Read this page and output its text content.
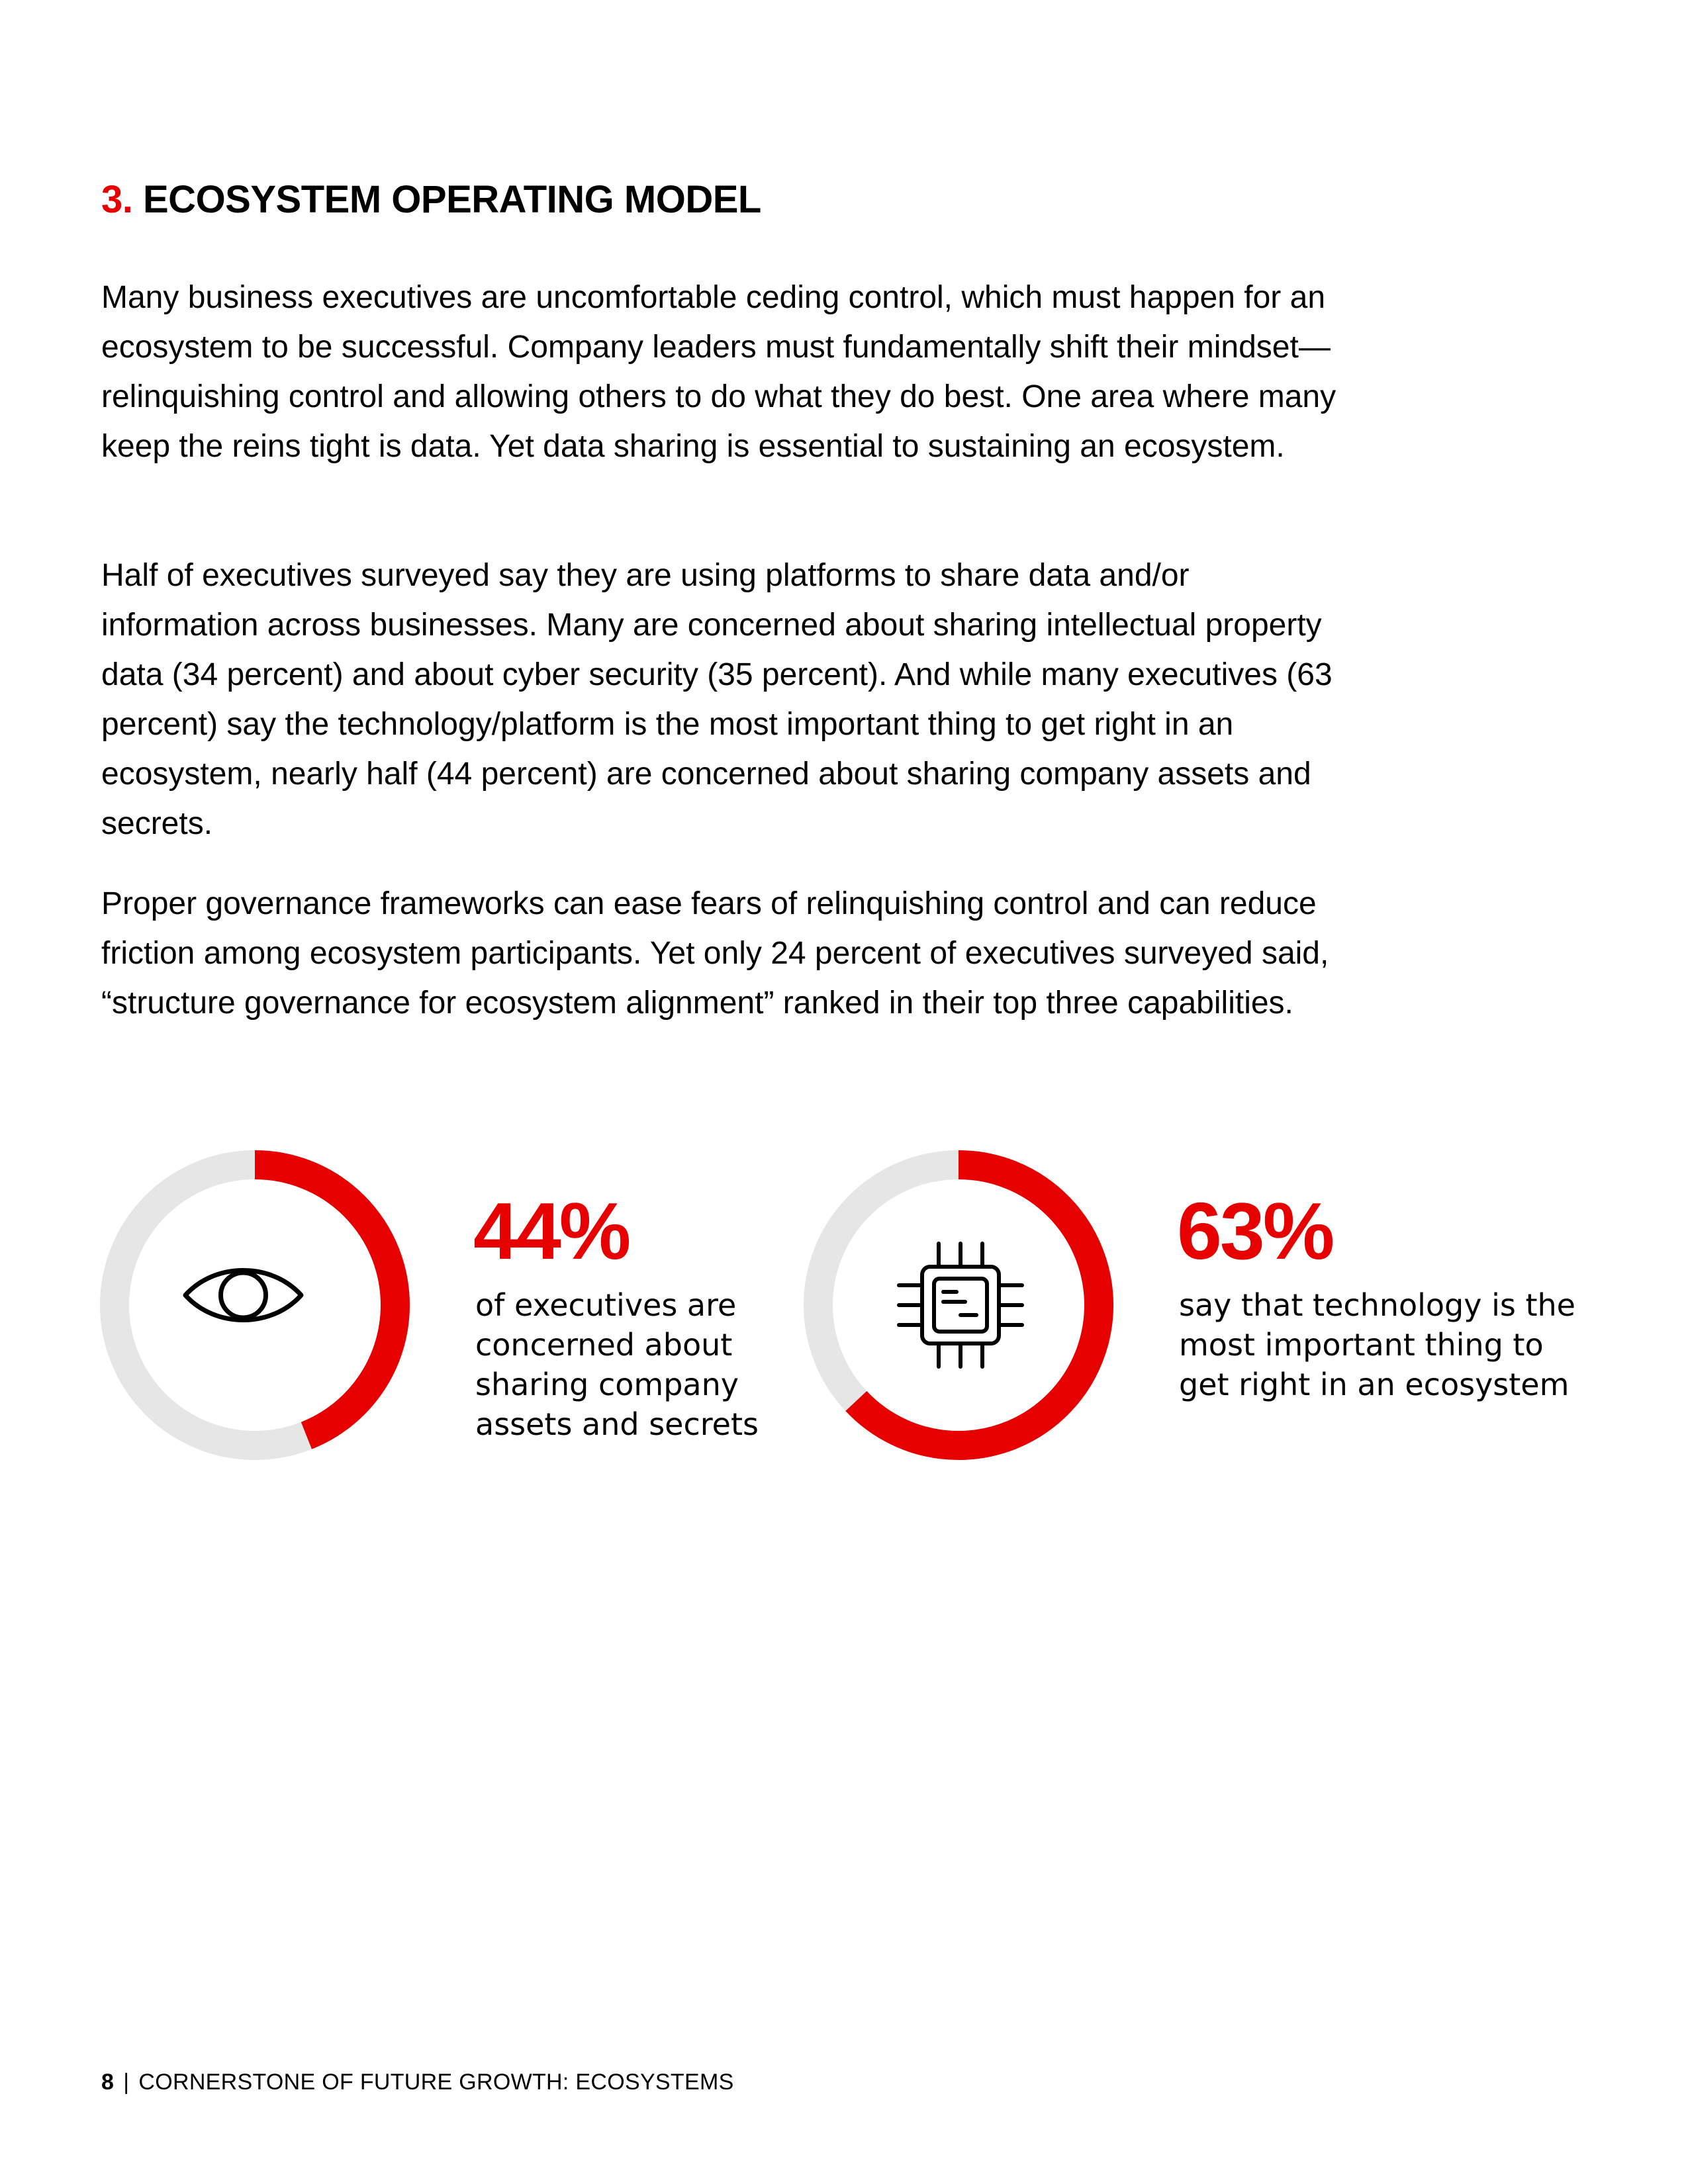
3. ECOSYSTEM OPERATING MODEL

Many business executives are uncomfortable ceding control, which must happen for an ecosystem to be successful. Company leaders must fundamentally shift their mindset—relinquishing control and allowing others to do what they do best. One area where many keep the reins tight is data. Yet data sharing is essential to sustaining an ecosystem.

Half of executives surveyed say they are using platforms to share data and/or information across businesses. Many are concerned about sharing intellectual property data (34 percent) and about cyber security (35 percent). And while many executives (63 percent) say the technology/platform is the most important thing to get right in an ecosystem, nearly half (44 percent) are concerned about sharing company assets and secrets.

Proper governance frameworks can ease fears of relinquishing control and can reduce friction among ecosystem participants. Yet only 24 percent of executives surveyed said, “structure governance for ecosystem alignment” ranked in their top three capabilities.

44%

of executives are concerned about sharing company assets and secrets

63%

say that technology is the most important thing to get right in an ecosystem

8 | CORNERSTONE OF FUTURE GROWTH: ECOSYSTEMS
